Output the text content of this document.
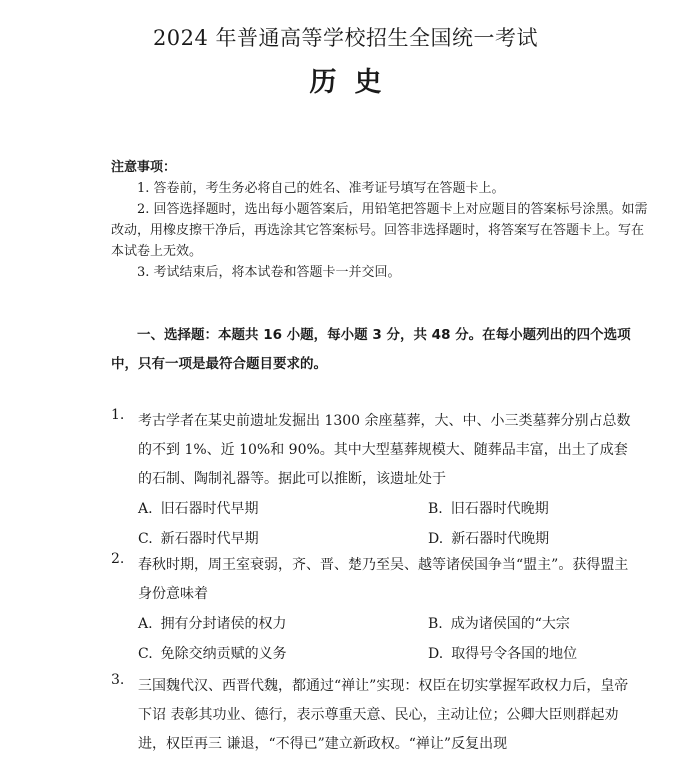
2024 年普通高等学校招生全国统一考试
历史
注意事项：
1. 答卷前，考生务必将自己的姓名、准考证号填写在答题卡上。
2. 回答选择题时，选出每小题答案后，用铅笔把答题卡上对应题目的答案标号涂黑。如需改动，用橡皮擦干净后，再选涂其它答案标号。回答非选择题时，将答案写在答题卡上。写在本试卷上无效。
3. 考试结束后，将本试卷和答题卡一并交回。
一、选择题：本题共 16 小题，每小题 3 分，共 48 分。在每小题列出的四个选项中，只有一项是最符合题目要求的。
1. 考古学者在某史前遗址发掘出 1300 余座墓葬，大、中、小三类墓葬分别占总数的不到 1%、近 10%和 90%。其中大型墓葬规模大、随葬品丰富，出土了成套的石制、陶制礼器等。据此可以推断，该遗址处于
A. 旧石器时代早期	B. 旧石器时代晚期
C. 新石器时代早期	D. 新石器时代晚期
2. 春秋时期，周王室衰弱，齐、晋、楚乃至吴、越等诸侯国争当“盟主”。获得盟主身份意味着
A. 拥有分封诸侯的权力	B. 成为诸侯国的“大宗
C. 免除交纳贡赋的义务	D. 取得号令各国的地位
3. 三国魏代汉、西晋代魏，都通过“禅让”实现：权臣在切实掌握军政权力后，皇帝下诏 表彰其功业、德行，表示尊重天意、民心，主动让位；公卿大臣则群起劝进，权臣再三 谦退，“不得已”建立新政权。“禅让”反复出现
